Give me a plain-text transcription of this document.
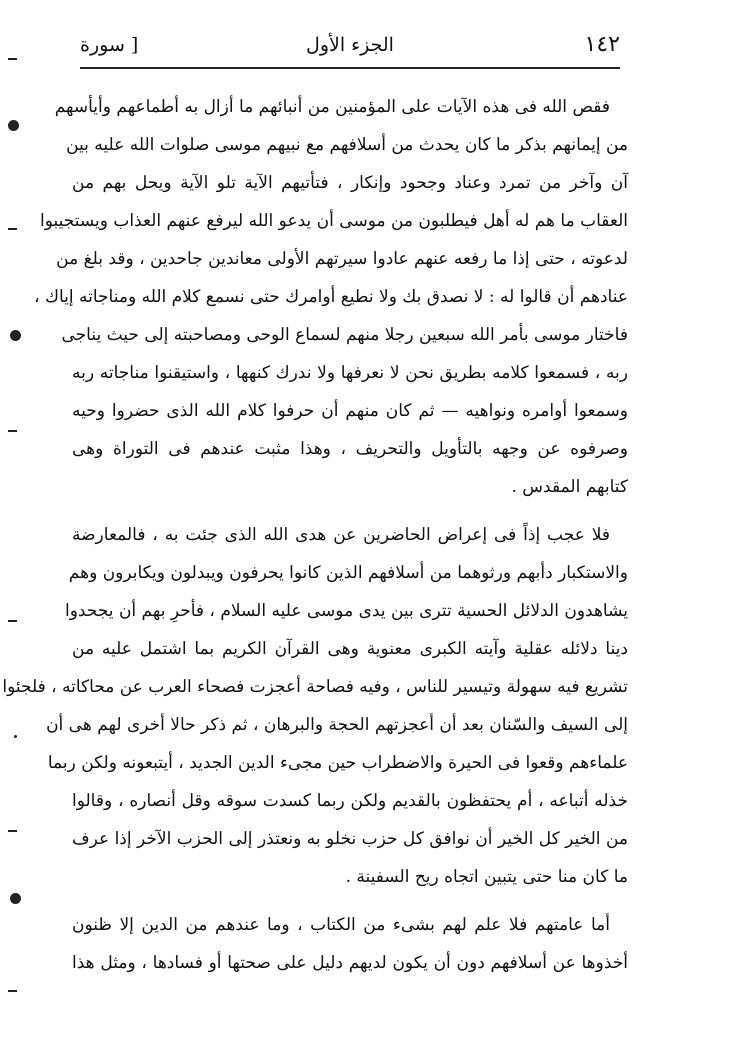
١٤٢
الجزء الأول
[ سورة
فقص الله فى هذه الآيات على المؤمنين من أنبائهم ما أزال به أطماعهم وأيأسهم
من إيمانهم بذكر ما كان يحدث من أسلافهم مع نبيهم موسى صلوات الله عليه بين
آن وآخر من تمرد وعناد وجحود وإنكار ، فتأتيهم الآية تلو الآية ويحل بهم من
العقاب ما هم له أهل فيطلبون من موسى أن يدعو الله ليرفع عنهم العذاب ويستجيبوا
لدعوته ، حتى إذا ما رفعه عنهم عادوا سيرتهم الأولى معاندين جاحدين ، وقد بلغ من
عنادهم أن قالوا له : لا نصدق بك ولا نطيع أوامرك حتى نسمع كلام الله ومناجاته إياك ،
فاختار موسى بأمر الله سبعين رجلا منهم لسماع الوحى ومصاحبته إلى حيث يناجى
ربه ، فسمعوا كلامه بطريق نحن لا نعرفها ولا ندرك كنهها ، واستيقنوا مناجاته ربه
وسمعوا أوامره ونواهيه — ثم كان منهم أن حرفوا كلام الله الذى حضروا وحيه
وصرفوه عن وجهه بالتأويل والتحريف ، وهذا مثبت عندهم فى التوراة وهى
كتابهم المقدس .
فلا عجب إذاً فى إعراض الحاضرين عن هدى الله الذى جئت به ، فالمعارضة
والاستكبار دأبهم ورثوهما من أسلافهم الذين كانوا يحرفون ويبدلون ويكابرون وهم
يشاهدون الدلائل الحسية تترى بين يدى موسى عليه السلام ، فأحرِ بهم أن يجحدوا
دينا دلائله عقلية وآيته الكبرى معنوية وهى القرآن الكريم بما اشتمل عليه من
تشريع فيه سهولة وتيسير للناس ، وفيه فصاحة أعجزت فصحاء العرب عن محاكاته ، فلجئوا
إلى السيف والسّنان بعد أن أعجزتهم الحجة والبرهان ، ثم ذكر حالا أخرى لهم هى أن
علماءهم وقعوا فى الحيرة والاضطراب حين مجىء الدين الجديد ، أيتبعونه ولكن ربما
خذله أتباعه ، أم يحتفظون بالقديم ولكن ربما كسدت سوقه وقل أنصاره ، وقالوا
من الخير كل الخير أن نوافق كل حزب نخلو به ونعتذر إلى الحزب الآخر إذا عرف
ما كان منا حتى يتبين اتجاه ريح السفينة .
أما عامتهم فلا علم لهم بشىء من الكتاب ، وما عندهم من الدين إلا ظنون
أخذوها عن أسلافهم دون أن يكون لديهم دليل على صحتها أو فسادها ، ومثل هذا
